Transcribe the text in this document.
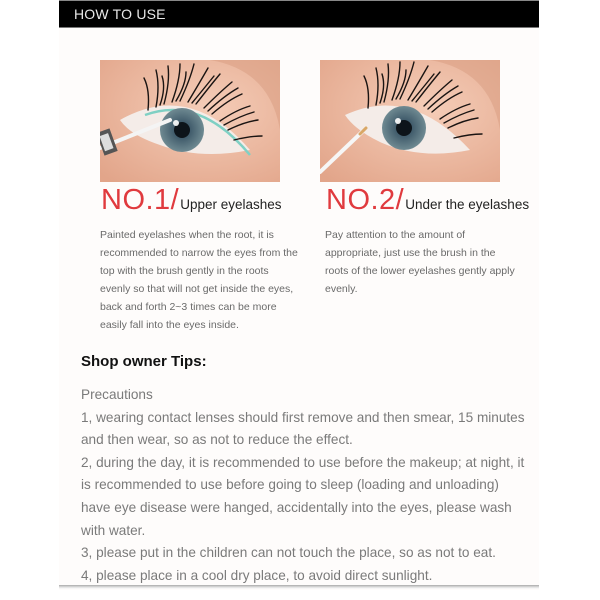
HOW TO USE
NO.1/Upper eyelashes
Painted eyelashes when the root, it is recommended to narrow the eyes from the top with the brush gently in the roots evenly so that will not get inside the eyes, back and forth 2~3 times can be more easily fall into the eyes inside.
NO.2/Under the eyelashes
Pay attention to the amount of appropriate, just use the brush in the roots of the lower eyelashes gently apply evenly.
Shop owner Tips:

Precautions

1, wearing contact lenses should first remove and then smear, 15 minutes and then wear, so as not to reduce the effect.

2, during the day, it is recommended to use before the makeup; at night, it is recommended to use before going to sleep (loading and unloading) have eye disease were hanged, accidentally into the eyes, please wash with water.

3, please put in the children can not touch the place, so as not to eat.

4, please place in a cool dry place, to avoid direct sunlight.
